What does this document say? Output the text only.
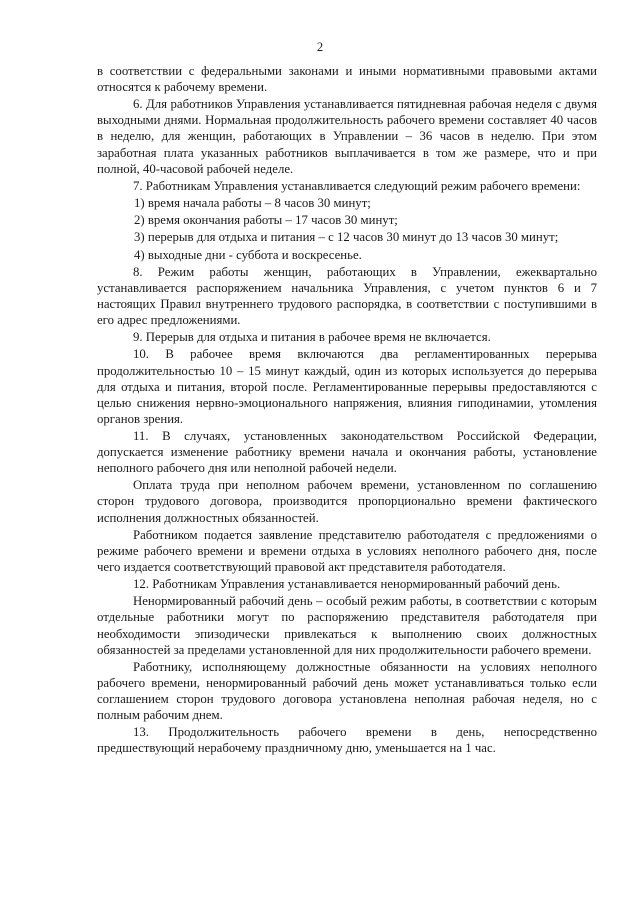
2

в соответствии с федеральными законами и иными нормативными правовыми актами относятся к рабочему времени.

6. Для работников Управления устанавливается пятидневная рабочая неделя с двумя выходными днями. Нормальная продолжительность рабочего времени составляет 40 часов в неделю, для женщин, работающих в Управлении – 36 часов в неделю. При этом заработная плата указанных работников выплачивается в том же размере, что и при полной, 40-часовой рабочей неделе.

7. Работникам Управления устанавливается следующий режим рабочего времени:

1) время начала работы – 8 часов 30 минут;

2) время окончания работы – 17 часов 30 минут;

3) перерыв для отдыха и питания – с 12 часов 30 минут до 13 часов 30 минут;

4) выходные дни - суббота и воскресенье.

8. Режим работы женщин, работающих в Управлении, ежеквартально устанавливается распоряжением начальника Управления, с учетом пунктов 6 и 7 настоящих Правил внутреннего трудового распорядка, в соответствии с поступившими в его адрес предложениями.

9. Перерыв для отдыха и питания в рабочее время не включается.

10. В рабочее время включаются два регламентированных перерыва продолжительностью 10 – 15 минут каждый, один из которых используется до перерыва для отдыха и питания, второй после. Регламентированные перерывы предоставляются с целью снижения нервно-эмоционального напряжения, влияния гиподинамии, утомления органов зрения.

11. В случаях, установленных законодательством Российской Федерации, допускается изменение работнику времени начала и окончания работы, установление неполного рабочего дня или неполной рабочей недели.

Оплата труда при неполном рабочем времени, установленном по соглашению сторон трудового договора, производится пропорционально времени фактического исполнения должностных обязанностей.

Работником подается заявление представителю работодателя с предложениями о режиме рабочего времени и времени отдыха в условиях неполного рабочего дня, после чего издается соответствующий правовой акт представителя работодателя.

12. Работникам Управления устанавливается ненормированный рабочий день.

Ненормированный рабочий день – особый режим работы, в соответствии с которым отдельные работники могут по распоряжению представителя работодателя при необходимости эпизодически привлекаться к выполнению своих должностных обязанностей за пределами установленной для них продолжительности рабочего времени.

Работнику, исполняющему должностные обязанности на условиях неполного рабочего времени, ненормированный рабочий день может устанавливаться только если соглашением сторон трудового договора установлена неполная рабочая неделя, но с полным рабочим днем.

13. Продолжительность рабочего времени в день, непосредственно предшествующий нерабочему праздничному дню, уменьшается на 1 час.
